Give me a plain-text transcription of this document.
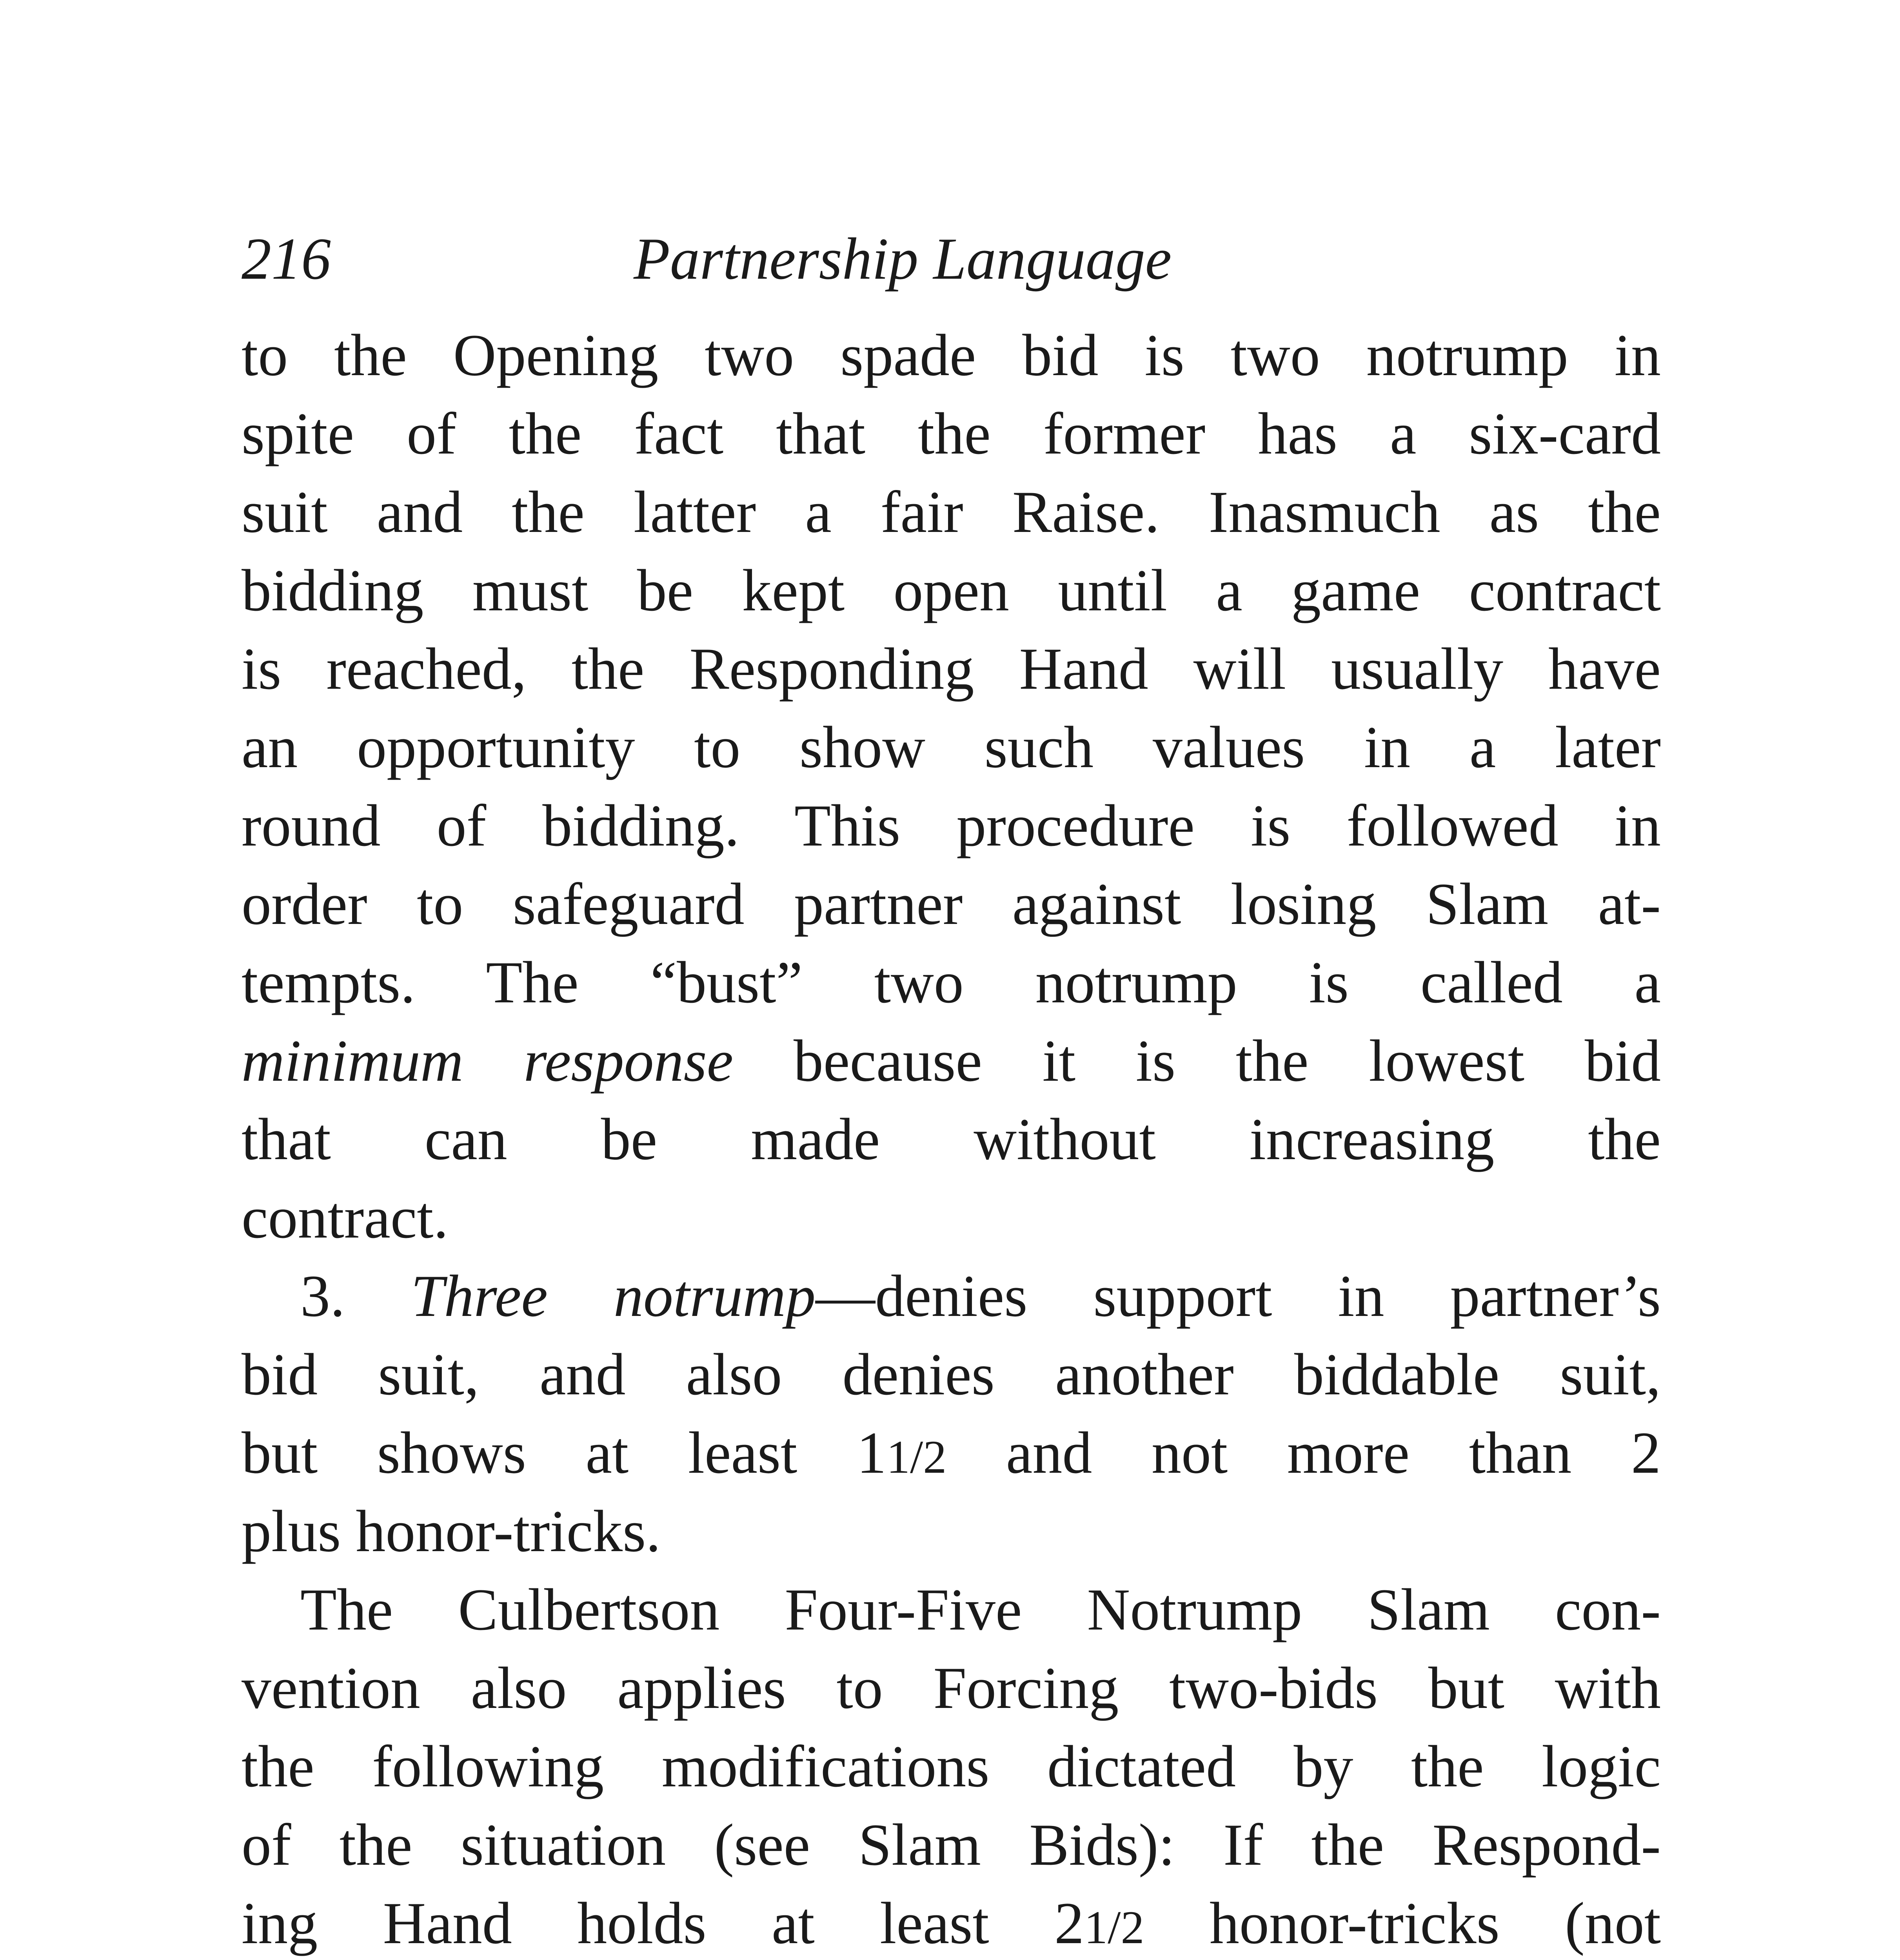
216	Partnership Language
to the Opening two spade bid is two notrump in
spite of the fact that the former has a six-card
suit and the latter a fair Raise. Inasmuch as the
bidding must be kept open until a game contract
is reached, the Responding Hand will usually have
an opportunity to show such values in a later
round of bidding. This procedure is followed in
order to safeguard partner against losing Slam at-
tempts. The “bust” two notrump is called a
minimum response because it is the lowest bid
that can be made without increasing the
contract.
3. Three notrump—denies support in partner’s
bid suit, and also denies another biddable suit,
but shows at least 11/2 and not more than 2
plus honor-tricks.
The Culbertson Four-Five Notrump Slam con-
vention also applies to Forcing two-bids but with
the following modifications dictated by the logic
of the situation (see Slam Bids): If the Respond-
ing Hand holds at least 21/2 honor-tricks (not
